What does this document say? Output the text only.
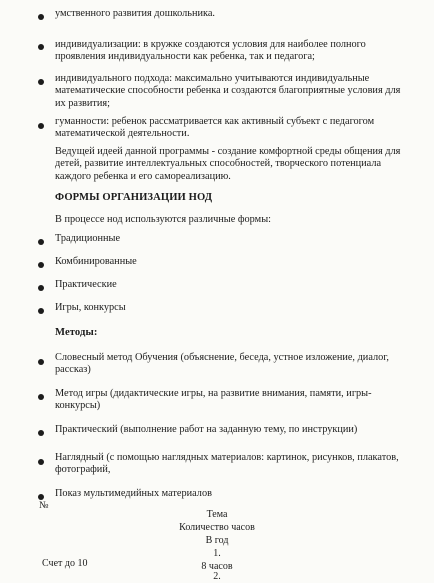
умственного развития дошкольника.
индивидуализации: в кружке создаются условия для наиболее полного проявления индивидуальности как ребенка, так и педагога;
индивидуального подхода: максимально учитываются индивидуальные математические способности ребенка и создаются благоприятные условия для их развития;
гуманности: ребенок рассматривается как активный субъект с педагогом математической деятельности.
Ведущей идеей данной программы - создание комфортной среды общения для детей, развитие интеллектуальных способностей, творческого потенциала каждого ребенка и его самореализацию.
ФОРМЫ ОРГАНИЗАЦИИ НОД
В процессе нод используются различные формы:
Традиционные
Комбинированные
Практические
Игры, конкурсы
Методы:
Словесный метод Обучения (объяснение, беседа, устное изложение, диалог, рассказ)
Метод игры (дидактические игры, на развитие внимания, памяти, игры-конкурсы)
Практический (выполнение работ на заданную тему, по инструкции)
Наглядный (с помощью наглядных материалов: картинок, рисунков, плакатов, фотографий,
Показ мультимедийных материалов
№
Тема
Количество часов
В год
1.
Счет до 10	8 часов
2.
